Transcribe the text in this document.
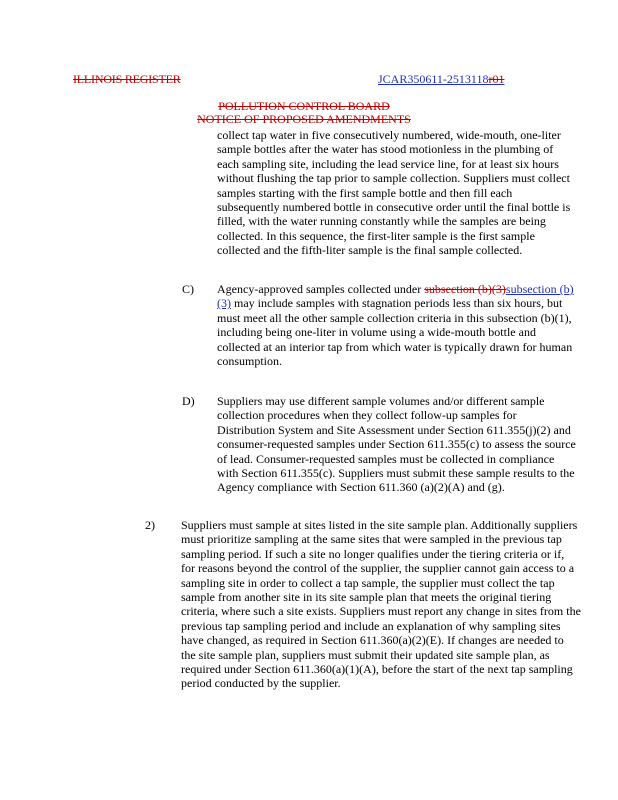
ILLINOIS REGISTER	JCAR350611-2513118r01
POLLUTION CONTROL BOARD
NOTICE OF PROPOSED AMENDMENTS
collect tap water in five consecutively numbered, wide-mouth, one-liter sample bottles after the water has stood motionless in the plumbing of each sampling site, including the lead service line, for at least six hours without flushing the tap prior to sample collection. Suppliers must collect samples starting with the first sample bottle and then fill each subsequently numbered bottle in consecutive order until the final bottle is filled, with the water running constantly while the samples are being collected. In this sequence, the first-liter sample is the first sample collected and the fifth-liter sample is the final sample collected.
C) Agency-approved samples collected under subsection (b)(3)subsection (b)(3) may include samples with stagnation periods less than six hours, but must meet all the other sample collection criteria in this subsection (b)(1), including being one-liter in volume using a wide-mouth bottle and collected at an interior tap from which water is typically drawn for human consumption.
D) Suppliers may use different sample volumes and/or different sample collection procedures when they collect follow-up samples for Distribution System and Site Assessment under Section 611.355(j)(2) and consumer-requested samples under Section 611.355(c) to assess the source of lead. Consumer-requested samples must be collected in compliance with Section 611.355(c). Suppliers must submit these sample results to the Agency compliance with Section 611.360 (a)(2)(A) and (g).
2) Suppliers must sample at sites listed in the site sample plan. Additionally suppliers must prioritize sampling at the same sites that were sampled in the previous tap sampling period. If such a site no longer qualifies under the tiering criteria or if, for reasons beyond the control of the supplier, the supplier cannot gain access to a sampling site in order to collect a tap sample, the supplier must collect the tap sample from another site in its site sample plan that meets the original tiering criteria, where such a site exists. Suppliers must report any change in sites from the previous tap sampling period and include an explanation of why sampling sites have changed, as required in Section 611.360(a)(2)(E). If changes are needed to the site sample plan, suppliers must submit their updated site sample plan, as required under Section 611.360(a)(1)(A), before the start of the next tap sampling period conducted by the supplier.
